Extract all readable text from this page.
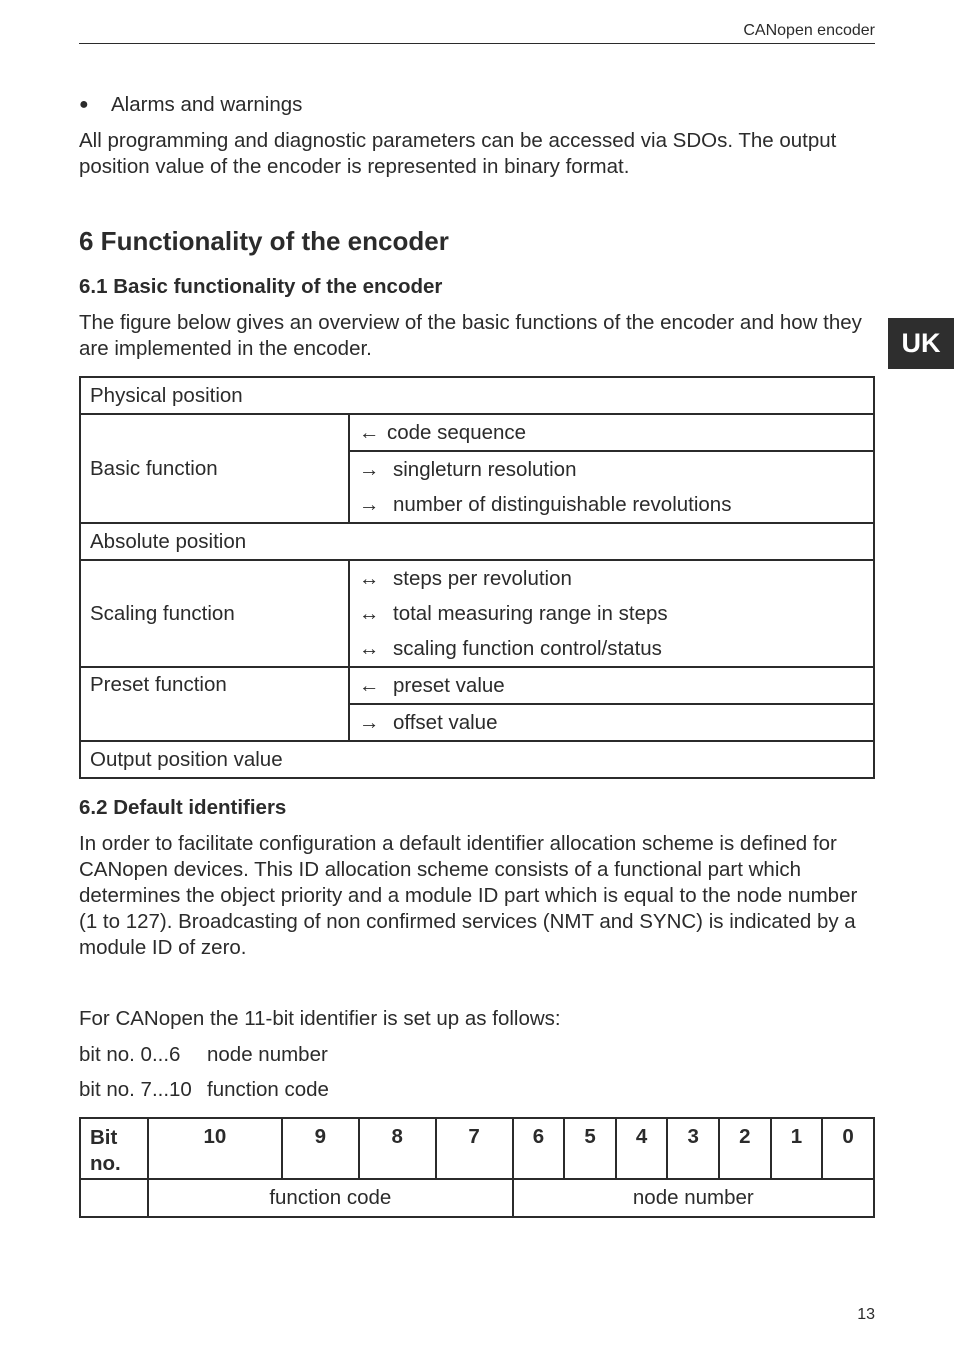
CANopen encoder
UK
●	Alarms and warnings

All programming and diagnostic parameters can be accessed via SDOs. The output position value of the encoder is represented in binary format.

6 Functionality of the encoder
6.1 Basic functionality of the encoder

The figure below gives an overview of the basic functions of the encoder and how they are implemented in the encoder.

Physical position	
Basic function	← code sequence

	→ singleturn resolution
→ number of distinguishable revolutions

Absolute position	
Scaling function	↔ steps per revolution
↔ total measuring range in steps
↔ scaling function control/status

Preset function	← preset value
	→ offset value
Output position value	
6.2 Default identifiers

In order to facilitate configuration a default identifier allocation scheme is defined for CANopen devices. This ID allocation scheme consists of a functional part which determines the object priority and a module ID part which is equal to the node number (1 to 127). Broadcasting of non confirmed services (NMT and SYNC) is indicated by a module ID of zero.

For CANopen the 11-bit identifier is set up as follows:

bit no. 0...6	node number
bit no. 7...10 function code
Bit
no.	10	9	8	7	6	5	4	3	2	1	0
	function code				node number						
13
